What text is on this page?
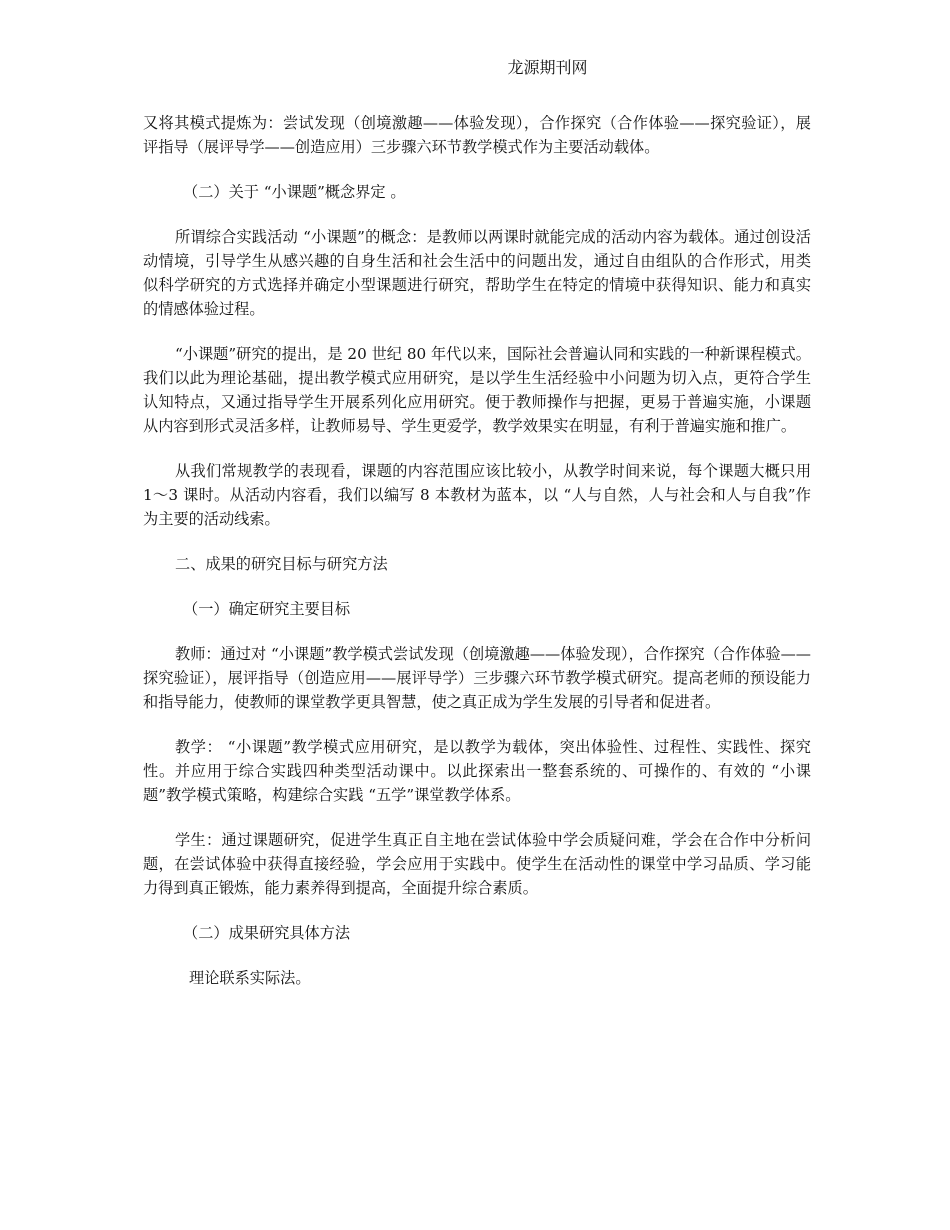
龙源期刊网

又将其模式提炼为：尝试发现（创境激趣——体验发现），合作探究（合作体验——探究验证），展评指导（展评导学——创造应用）三步骤六环节教学模式作为主要活动载体。

（二）关于 “小课题”概念界定 。

所谓综合实践活动 “小课题”的概念：是教师以两课时就能完成的活动内容为载体。通过创设活动情境，引导学生从感兴趣的自身生活和社会生活中的问题出发，通过自由组队的合作形式，用类似科学研究的方式选择并确定小型课题进行研究，帮助学生在特定的情境中获得知识、能力和真实的情感体验过程。

“小课题”研究的提出，是 20 世纪 80 年代以来，国际社会普遍认同和实践的一种新课程模式。我们以此为理论基础，提出教学模式应用研究，是以学生生活经验中小问题为切入点，更符合学生认知特点，又通过指导学生开展系列化应用研究。便于教师操作与把握，更易于普遍实施，小课题从内容到形式灵活多样，让教师易导、学生更爱学，教学效果实在明显，有利于普遍实施和推广。

从我们常规教学的表现看，课题的内容范围应该比较小，从教学时间来说，每个课题大概只用 1～3 课时。从活动内容看，我们以编写 8 本教材为蓝本，以 “人与自然，人与社会和人与自我”作为主要的活动线索。

二、成果的研究目标与研究方法

（一）确定研究主要目标

教师：通过对 “小课题”教学模式尝试发现（创境激趣——体验发现），合作探究（合作体验——探究验证），展评指导（创造应用——展评导学）三步骤六环节教学模式研究。提高老师的预设能力和指导能力，使教师的课堂教学更具智慧，使之真正成为学生发展的引导者和促进者。

教学： “小课题”教学模式应用研究，是以教学为载体，突出体验性、过程性、实践性、探究性。并应用于综合实践四种类型活动课中。以此探索出一整套系统的、可操作的、有效的 “小课题”教学模式策略，构建综合实践 “五学”课堂教学体系。

学生：通过课题研究，促进学生真正自主地在尝试体验中学会质疑问难，学会在合作中分析问题，在尝试体验中获得直接经验，学会应用于实践中。使学生在活动性的课堂中学习品质、学习能力得到真正锻炼，能力素养得到提高，全面提升综合素质。

（二）成果研究具体方法

理论联系实际法。
